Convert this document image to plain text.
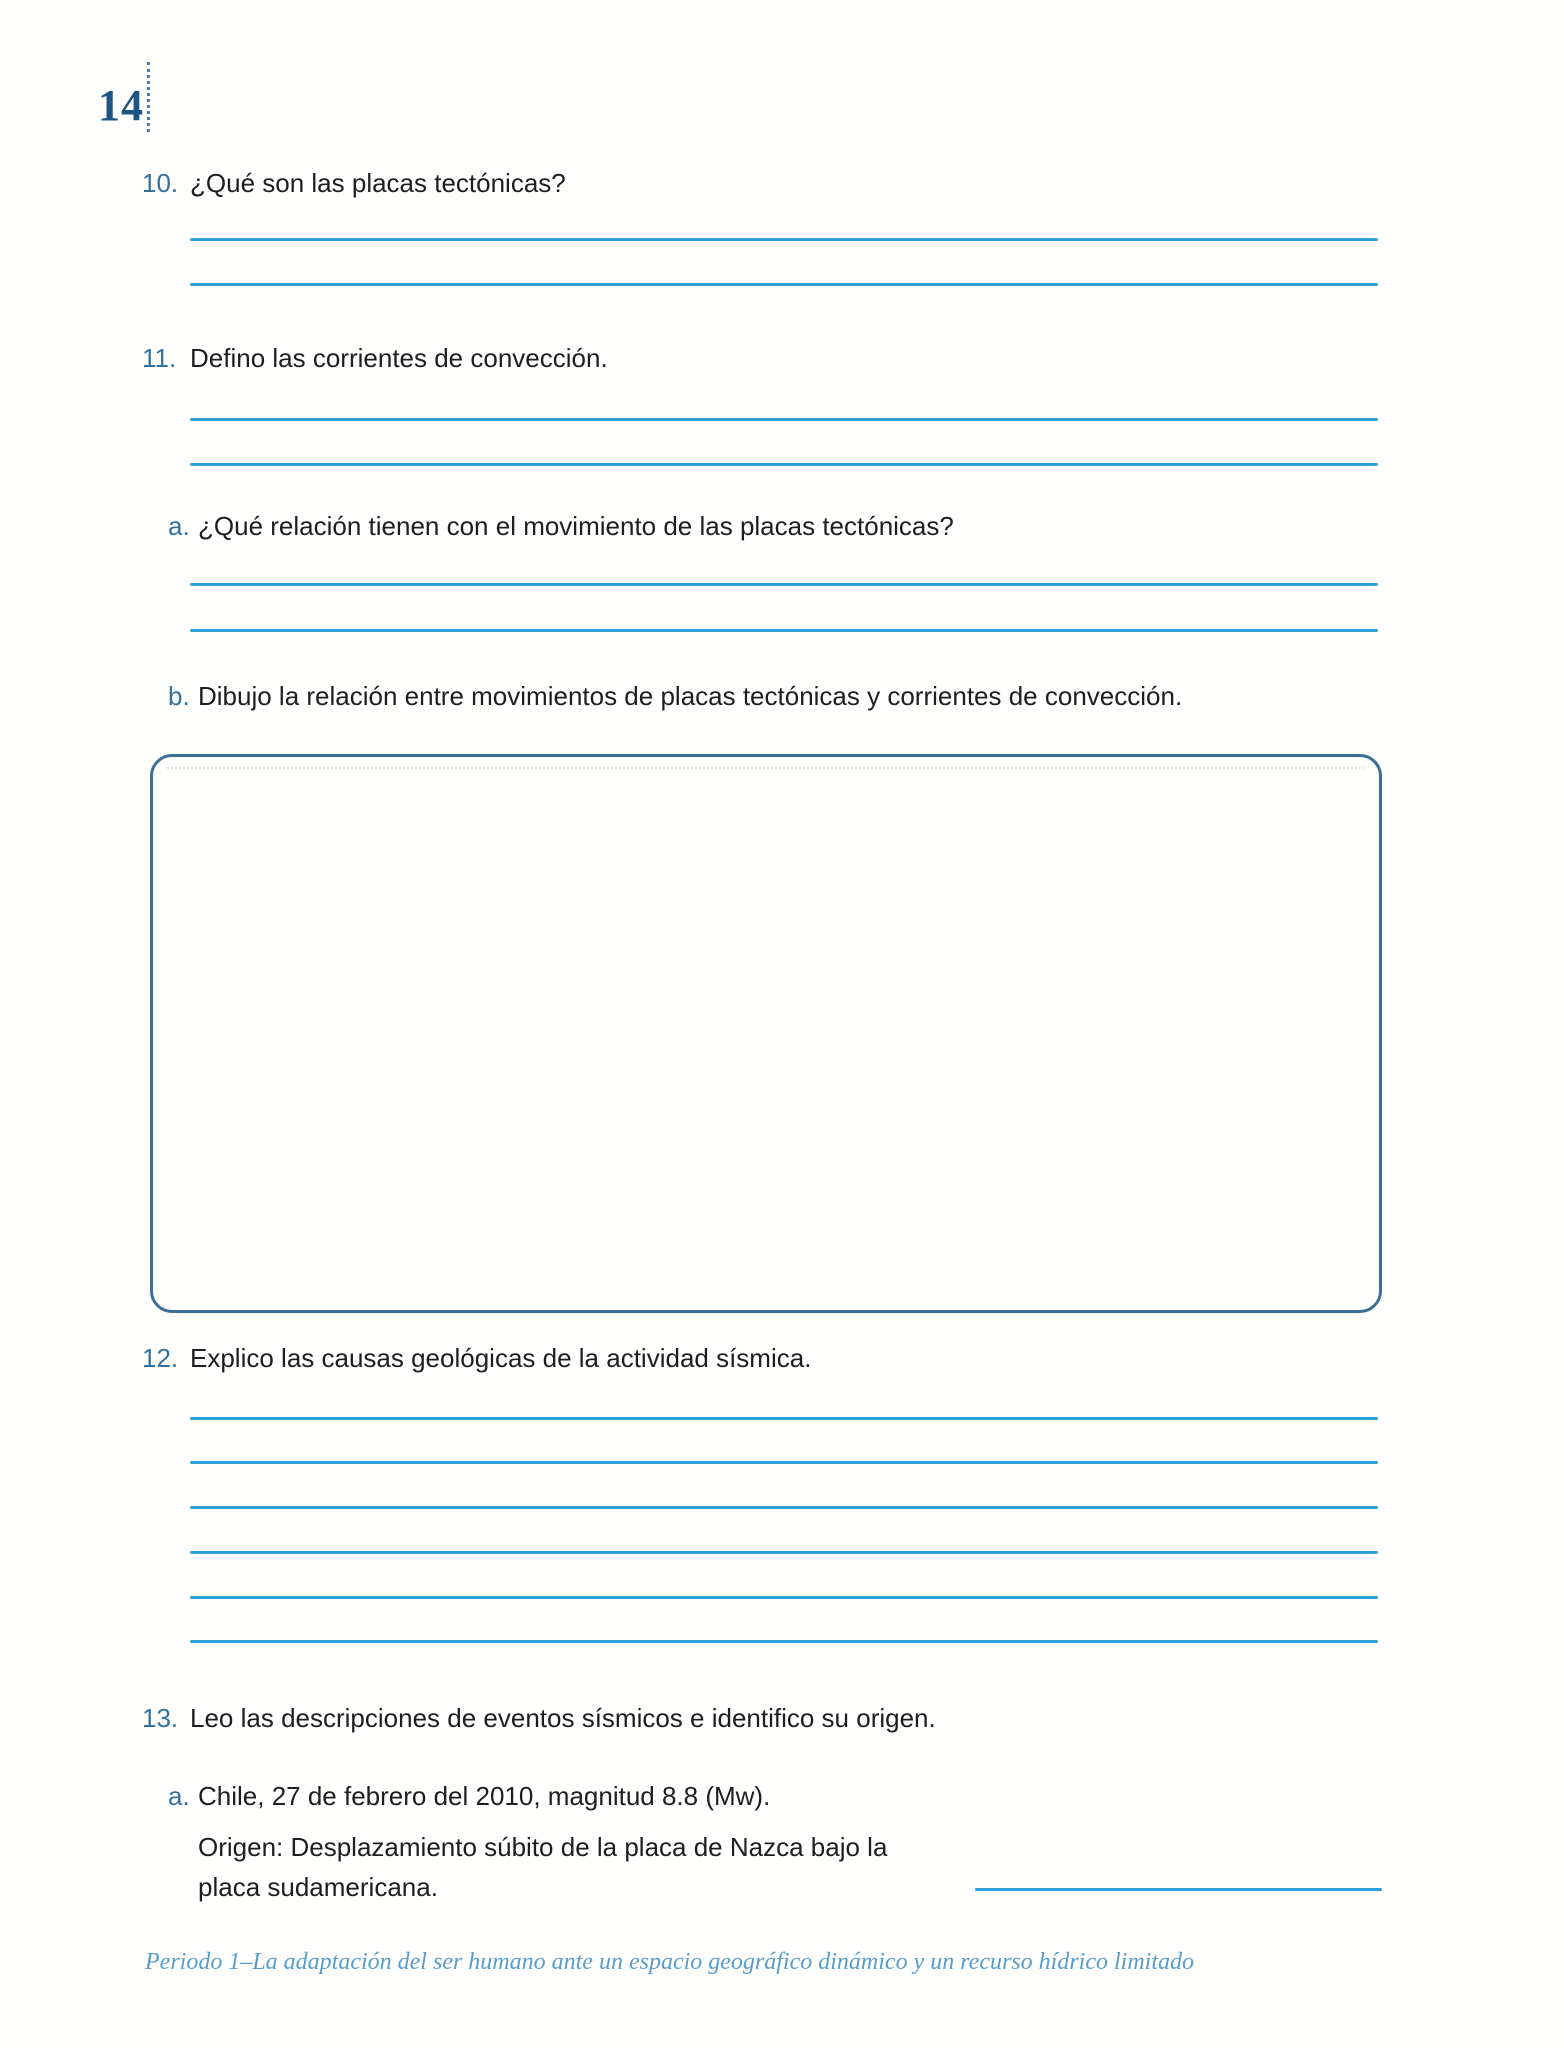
14
10. ¿Qué son las placas tectónicas?
11. Defino las corrientes de convección.
a. ¿Qué relación tienen con el movimiento de las placas tectónicas?
b. Dibujo la relación entre movimientos de placas tectónicas y corrientes de convección.
12. Explico las causas geológicas de la actividad sísmica.
13. Leo las descripciones de eventos sísmicos e identifico su origen.
a. Chile, 27 de febrero del 2010, magnitud 8.8 (Mw).
Origen: Desplazamiento súbito de la placa de Nazca bajo la
placa sudamericana.
Periodo 1–La adaptación del ser humano ante un espacio geográfico dinámico y un recurso hídrico limitado
